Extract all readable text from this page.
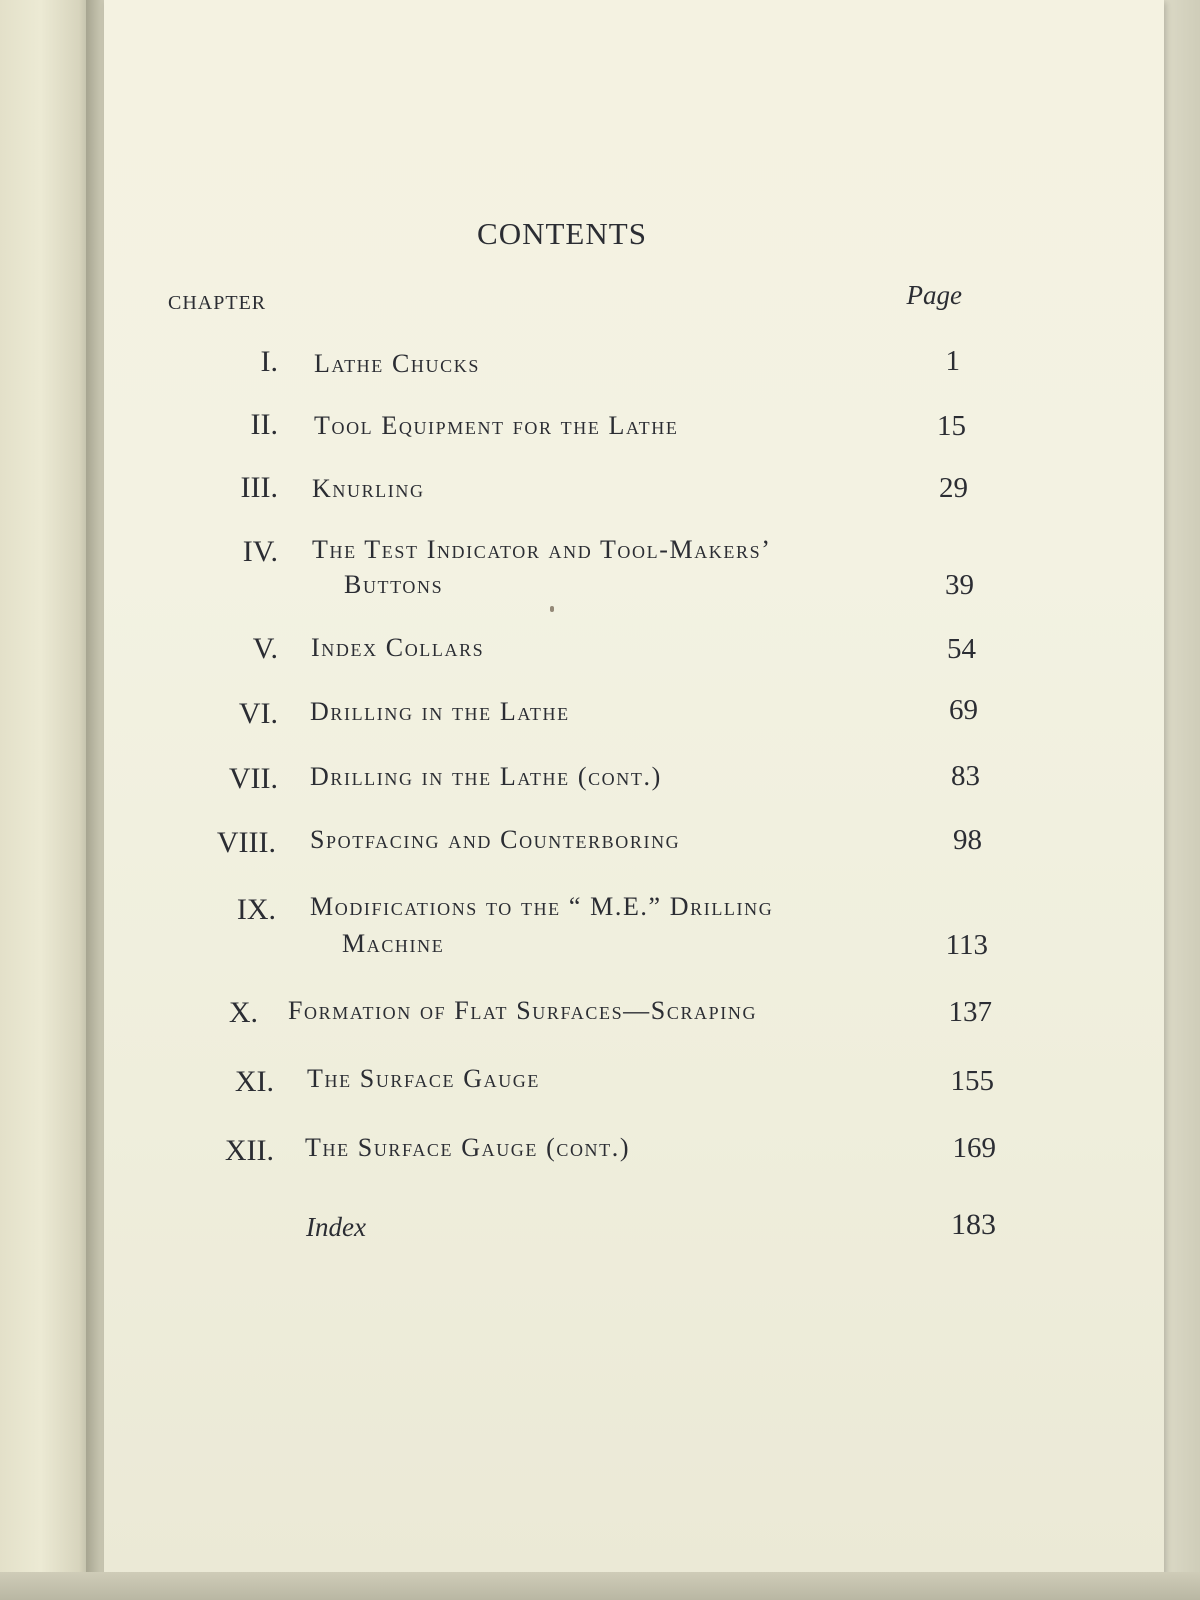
CONTENTS
CHAPTER	Page
I. Lathe Chucks	1
II. Tool Equipment for the Lathe	15
III. Knurling	29
IV. The Test Indicator and Tool-Makers’
Buttons	39
V. Index Collars	54
VI. Drilling in the Lathe	69
VII. Drilling in the Lathe (cont.)	83
VIII. Spotfacing and Counterboring	98
IX. Modifications to the “ M.E.” Drilling
Machine	113
X. Formation of Flat Surfaces—Scraping	137
XI. The Surface Gauge	155
XII. The Surface Gauge (cont.)	169
Index	183
